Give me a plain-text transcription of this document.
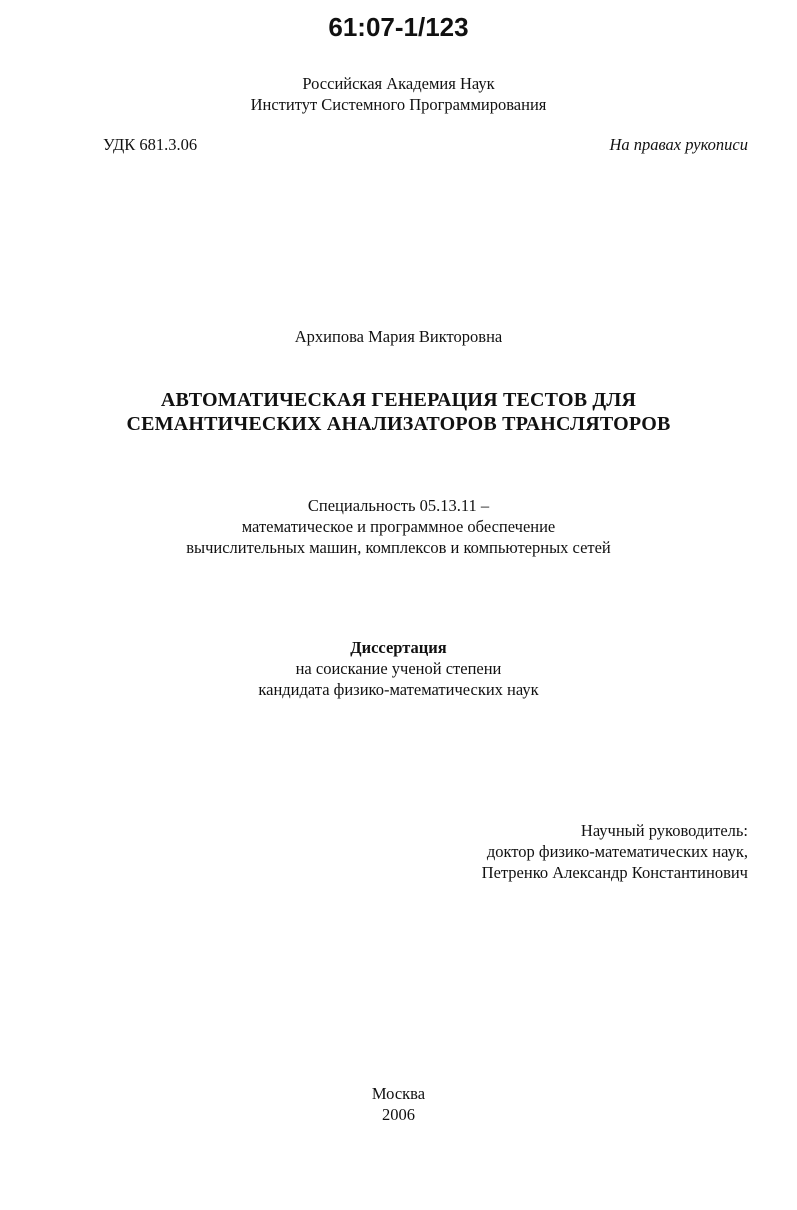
61:07-1/123
Российская Академия Наук
Институт Системного Программирования
УДК 681.3.06	На правах рукописи
Архипова Мария Викторовна
АВТОМАТИЧЕСКАЯ ГЕНЕРАЦИЯ ТЕСТОВ ДЛЯ
СЕМАНТИЧЕСКИХ АНАЛИЗАТОРОВ ТРАНСЛЯТОРОВ
Специальность 05.13.11 –
математическое и программное обеспечение
вычислительных машин, комплексов и компьютерных сетей
Диссертация
на соискание ученой степени
кандидата физико-математических наук
Научный руководитель:
доктор физико-математических наук,
Петренко Александр Константинович
Москва
2006
